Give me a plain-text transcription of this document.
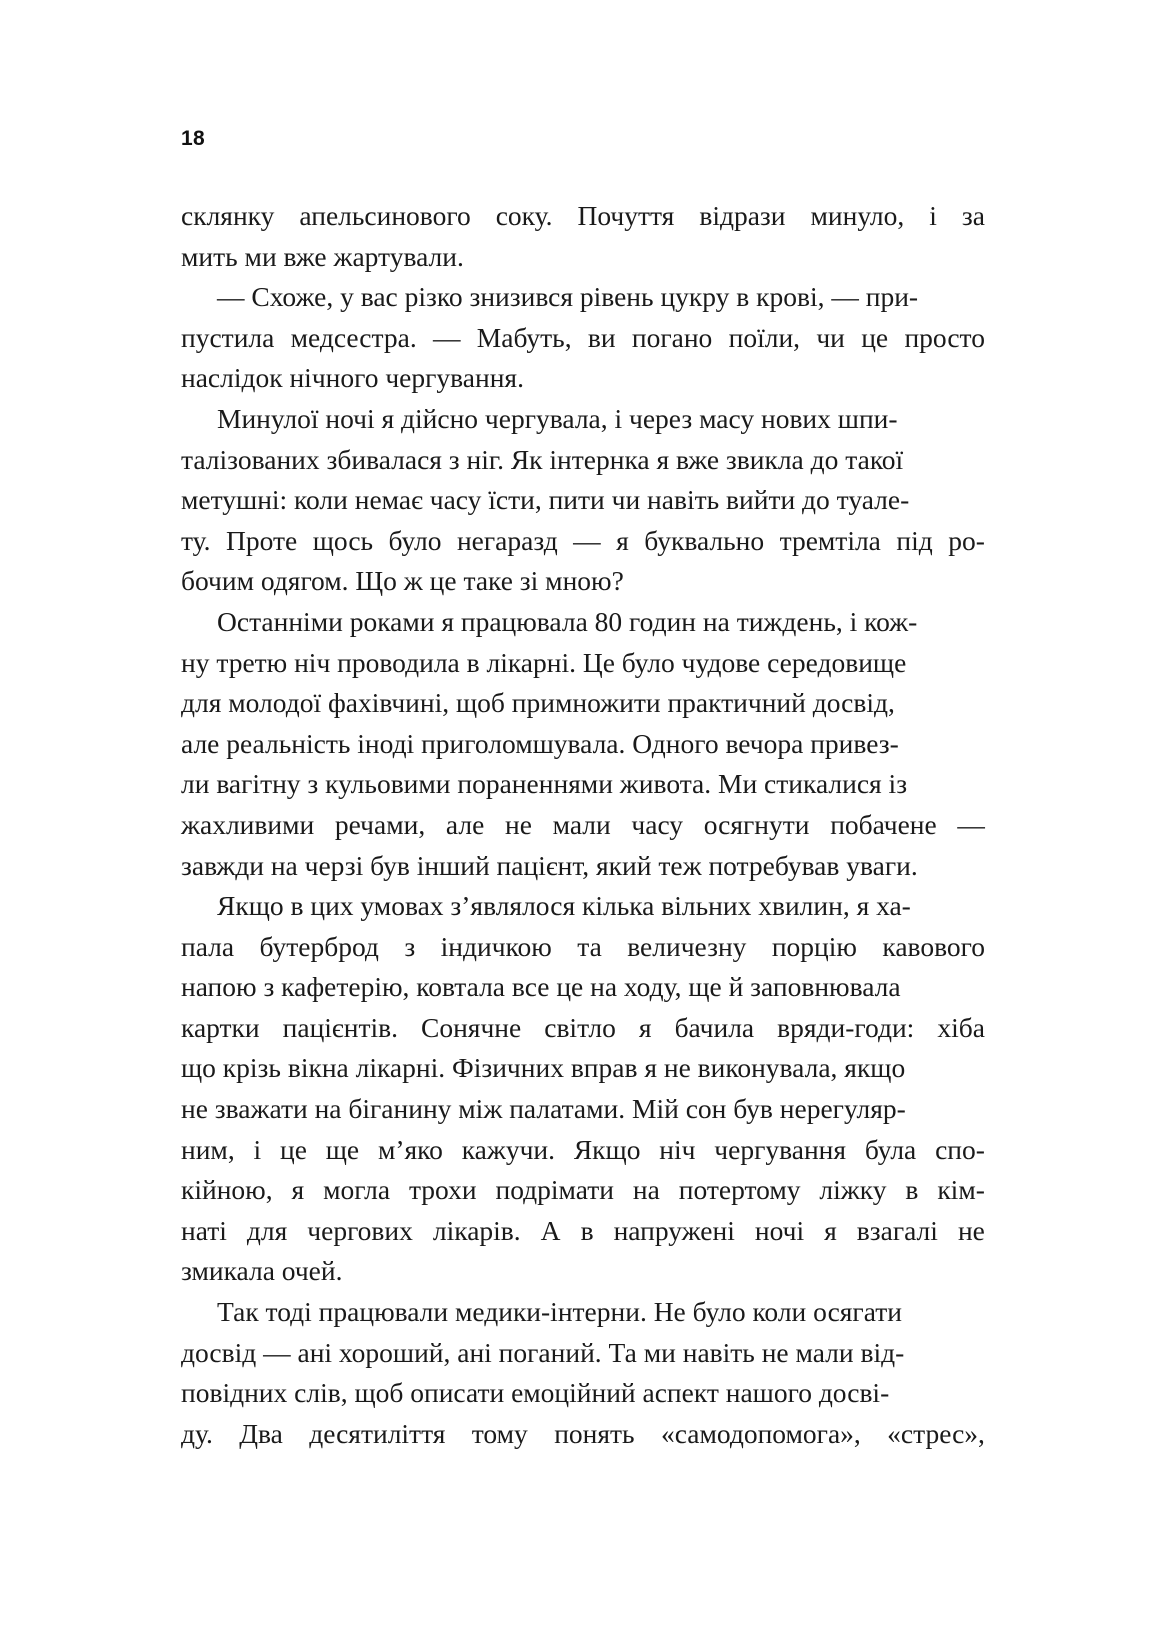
18
склянку апельсинового соку. Почуття відрази минуло, і за
мить ми вже жартували.
— Схоже, у вас різко знизився рівень цукру в крові, — при-
пустила медсестра. — Мабуть, ви погано поїли, чи це просто
наслідок нічного чергування.
Минулої ночі я дійсно чергувала, і через масу нових шпи-
талізованих збивалася з ніг. Як інтернка я вже звикла до такої
метушні: коли немає часу їсти, пити чи навіть вийти до туале-
ту. Проте щось було негаразд — я буквально тремтіла під ро-
бочим одягом. Що ж це таке зі мною?
Останніми роками я працювала 80 годин на тиждень, і кож-
ну третю ніч проводила в лікарні. Це було чудове середовище
для молодої фахівчині, щоб примножити практичний досвід,
але реальність іноді приголомшувала. Одного вечора привез-
ли вагітну з кульовими пораненнями живота. Ми стикалися із
жахливими речами, але не мали часу осягнути побачене —
завжди на черзі був інший пацієнт, який теж потребував уваги.
Якщо в цих умовах з’являлося кілька вільних хвилин, я ха-
пала бутерброд з індичкою та величезну порцію кавового
напою з кафетерію, ковтала все це на ходу, ще й заповнювала
картки пацієнтів. Сонячне світло я бачила вряди-годи: хіба
що крізь вікна лікарні. Фізичних вправ я не виконувала, якщо
не зважати на біганину між палатами. Мій сон був нерегуляр-
ним, і це ще м’яко кажучи. Якщо ніч чергування була спо-
кійною, я могла трохи подрімати на потертому ліжку в кім-
наті для чергових лікарів. А в напружені ночі я взагалі не
змикала очей.
Так тоді працювали медики-інтерни. Не було коли осягати
досвід — ані хороший, ані поганий. Та ми навіть не мали від-
повідних слів, щоб описати емоційний аспект нашого досві-
ду. Два десятиліття тому понять «самодопомога», «стрес»,
